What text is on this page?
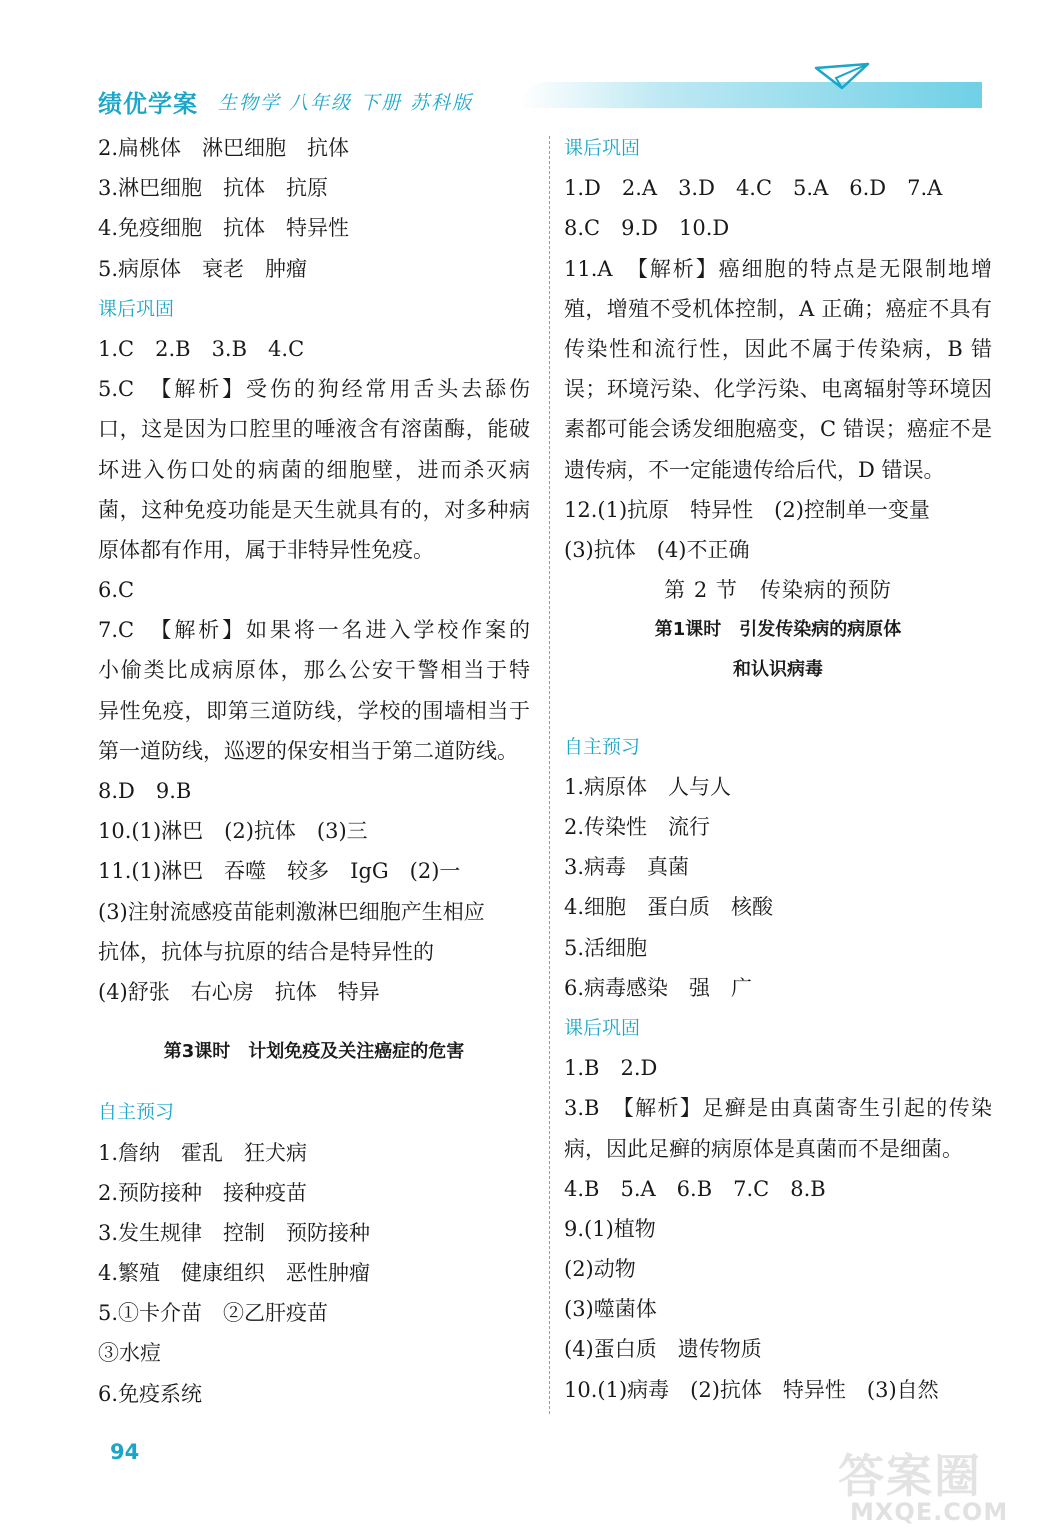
绩优学案 生物学 八年级 下册 苏科版
2.扁桃体　淋巴细胞　抗体
3.淋巴细胞　抗体　抗原
4.免疫细胞　抗体　特异性
5.病原体　衰老　肿瘤
课后巩固
1.C　2.B　3.B　4.C
5.C　【解析】受伤的狗经常用舌头去舔伤
口，这是因为口腔里的唾液含有溶菌酶，能破
坏进入伤口处的病菌的细胞壁，进而杀灭病
菌，这种免疫功能是天生就具有的，对多种病
原体都有作用，属于非特异性免疫。
6.C
7.C　【解析】如果将一名进入学校作案的
小偷类比成病原体，那么公安干警相当于特
异性免疫，即第三道防线，学校的围墙相当于
第一道防线，巡逻的保安相当于第二道防线。
8.D　9.B
10.(1)淋巴　(2)抗体　(3)三
11.(1)淋巴　吞噬　较多　IgG　(2)一
(3)注射流感疫苗能刺激淋巴细胞产生相应
抗体，抗体与抗原的结合是特异性的
(4)舒张　右心房　抗体　特异
第3课时　计划免疫及关注癌症的危害
自主预习
1.詹纳　霍乱　狂犬病
2.预防接种　接种疫苗
3.发生规律　控制　预防接种
4.繁殖　健康组织　恶性肿瘤
5.①卡介苗　②乙肝疫苗
③水痘
6.免疫系统
课后巩固
1.D　2.A　3.D　4.C　5.A　6.D　7.A
8.C　9.D　10.D
11.A　【解析】癌细胞的特点是无限制地增
殖，增殖不受机体控制，A 正确；癌症不具有
传染性和流行性，因此不属于传染病，B 错
误；环境污染、化学污染、电离辐射等环境因
素都可能会诱发细胞癌变，C 错误；癌症不是
遗传病，不一定能遗传给后代，D 错误。
12.(1)抗原　特异性　(2)控制单一变量
(3)抗体　(4)不正确
第 2 节　传染病的预防
第1课时　引发传染病的病原体
和认识病毒
自主预习
1.病原体　人与人
2.传染性　流行
3.病毒　真菌
4.细胞　蛋白质　核酸
5.活细胞
6.病毒感染　强　广
课后巩固
1.B　2.D
3.B　【解析】足癣是由真菌寄生引起的传染
病，因此足癣的病原体是真菌而不是细菌。
4.B　5.A　6.B　7.C　8.B
9.(1)植物
(2)动物
(3)噬菌体
(4)蛋白质　遗传物质
10.(1)病毒　(2)抗体　特异性　(3)自然
94	答案圈
MXQE.COM
